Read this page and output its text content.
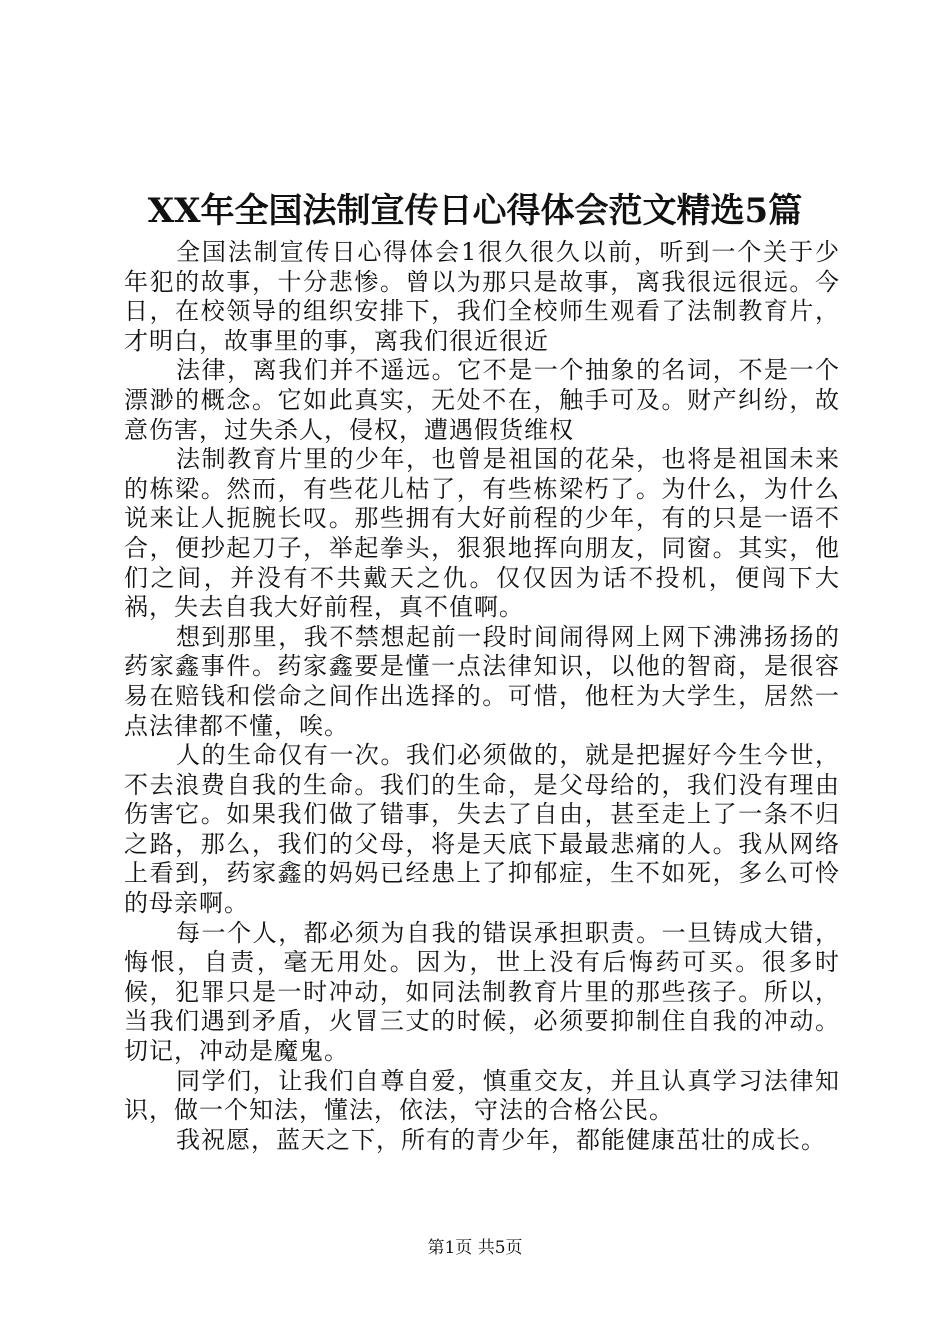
XX年全国法制宣传日心得体会范文精选5篇

全国法制宣传日心得体会1很久很久以前，听到一个关于少年犯的故事，十分悲惨。曾以为那只是故事，离我很远很远。今日，在校领导的组织安排下，我们全校师生观看了法制教育片，才明白，故事里的事，离我们很近很近

法律，离我们并不遥远。它不是一个抽象的名词，不是一个漂渺的概念。它如此真实，无处不在，触手可及。财产纠纷，故意伤害，过失杀人，侵权，遭遇假货维权

法制教育片里的少年，也曾是祖国的花朵，也将是祖国未来的栋梁。然而，有些花儿枯了，有些栋梁朽了。为什么，为什么说来让人扼腕长叹。那些拥有大好前程的少年，有的只是一语不合，便抄起刀子，举起拳头，狠狠地挥向朋友，同窗。其实，他们之间，并没有不共戴天之仇。仅仅因为话不投机，便闯下大祸，失去自我大好前程，真不值啊。

想到那里，我不禁想起前一段时间闹得网上网下沸沸扬扬的药家鑫事件。药家鑫要是懂一点法律知识，以他的智商，是很容易在赔钱和偿命之间作出选择的。可惜，他枉为大学生，居然一点法律都不懂，唉。

人的生命仅有一次。我们必须做的，就是把握好今生今世，不去浪费自我的生命。我们的生命，是父母给的，我们没有理由伤害它。如果我们做了错事，失去了自由，甚至走上了一条不归之路，那么，我们的父母，将是天底下最最悲痛的人。我从网络上看到，药家鑫的妈妈已经患上了抑郁症，生不如死，多么可怜的母亲啊。

每一个人，都必须为自我的错误承担职责。一旦铸成大错，悔恨，自责，毫无用处。因为，世上没有后悔药可买。很多时候，犯罪只是一时冲动，如同法制教育片里的那些孩子。所以，当我们遇到矛盾，火冒三丈的时候，必须要抑制住自我的冲动。切记，冲动是魔鬼。

同学们，让我们自尊自爱，慎重交友，并且认真学习法律知识，做一个知法，懂法，依法，守法的合格公民。

我祝愿，蓝天之下，所有的青少年，都能健康茁壮的成长。

第1页 共5页
